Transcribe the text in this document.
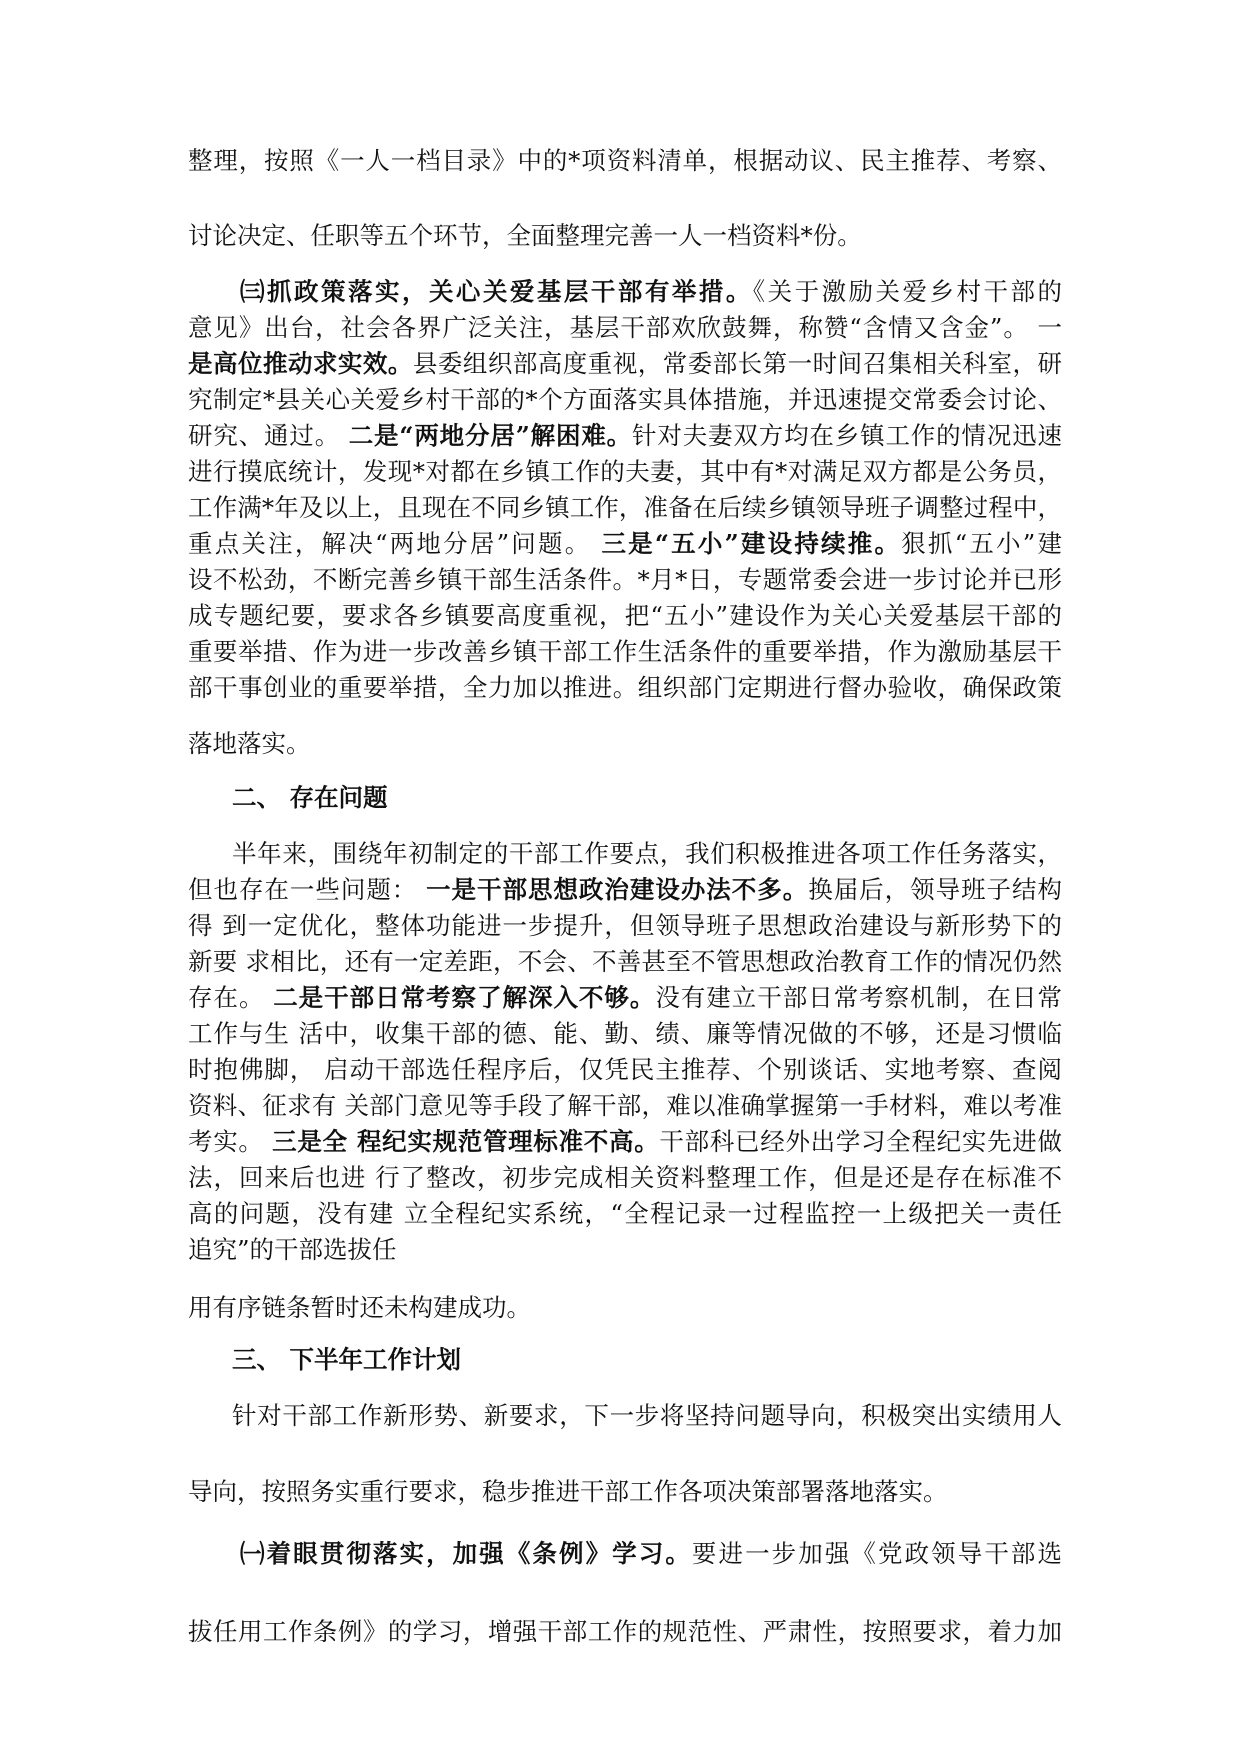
整理，按照《一人一档目录》中的*项资料清单，根据动议、民主推荐、考察、
讨论决定、任职等五个环节，全面整理完善一人一档资料*份。
㈢抓政策落实，关心关爱基层干部有举措。《关于激励关爱乡村干部的
意见》出台，社会各界广泛关注，基层干部欢欣鼓舞，称赞“含情又含金”。 一
是高位推动求实效。县委组织部高度重视，常委部长第一时间召集相关科室，研
究制定*县关心关爱乡村干部的*个方面落实具体措施，并迅速提交常委会讨论、
研究、通过。 二是“两地分居”解困难。针对夫妻双方均在乡镇工作的情况迅速
进行摸底统计，发现*对都在乡镇工作的夫妻，其中有*对满足双方都是公务员，
工作满*年及以上，且现在不同乡镇工作，准备在后续乡镇领导班子调整过程中，
重点关注，解决“两地分居”问题。 三是“五小”建设持续推。狠抓“五小”建
设不松劲，不断完善乡镇干部生活条件。*月*日，专题常委会进一步讨论并已形
成专题纪要，要求各乡镇要高度重视，把“五小”建设作为关心关爱基层干部的
重要举措、作为进一步改善乡镇干部工作生活条件的重要举措，作为激励基层干
部干事创业的重要举措，全力加以推进。组织部门定期进行督办验收，确保政策
落地落实。
二、 存在问题
半年来，围绕年初制定的干部工作要点，我们积极推进各项工作任务落实，
但也存在一些问题： 一是干部思想政治建设办法不多。换届后，领导班子结构
得 到一定优化，整体功能进一步提升，但领导班子思想政治建设与新形势下的
新要 求相比，还有一定差距，不会、不善甚至不管思想政治教育工作的情况仍然
存在。 二是干部日常考察了解深入不够。没有建立干部日常考察机制，在日常
工作与生 活中，收集干部的德、能、勤、绩、廉等情况做的不够，还是习惯临
时抱佛脚， 启动干部选任程序后，仅凭民主推荐、个别谈话、实地考察、查阅
资料、征求有 关部门意见等手段了解干部，难以准确掌握第一手材料，难以考准
考实。 三是全 程纪实规范管理标准不高。干部科已经外出学习全程纪实先进做
法，回来后也进 行了整改，初步完成相关资料整理工作，但是还是存在标准不
高的问题，没有建 立全程纪实系统，“全程记录一过程监控一上级把关一责任
追究”的干部选拔任
用有序链条暂时还未构建成功。
三、 下半年工作计划
针对干部工作新形势、新要求，下一步将坚持问题导向，积极突出实绩用人
导向，按照务实重行要求，稳步推进干部工作各项决策部署落地落实。
㈠着眼贯彻落实，加强《条例》学习。要进一步加强《党政领导干部选
拔任用工作条例》的学习，增强干部工作的规范性、严肃性，按照要求，着力加
